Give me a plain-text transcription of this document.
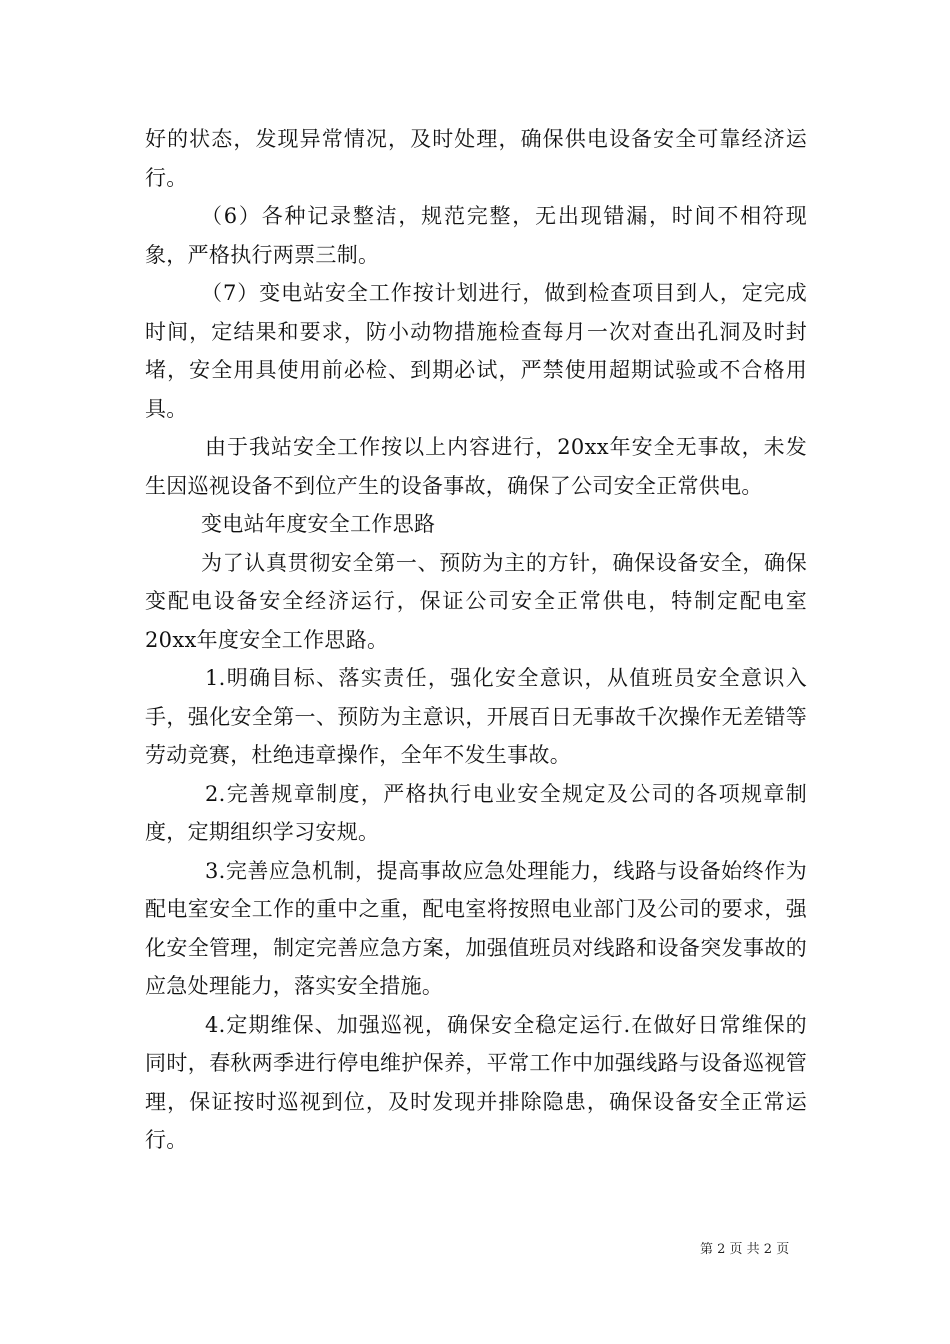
好的状态，发现异常情况，及时处理，确保供电设备安全可靠经济运行。

（6）各种记录整洁，规范完整，无出现错漏，时间不相符现象，严格执行两票三制。

（7）变电站安全工作按计划进行，做到检查项目到人，定完成时间，定结果和要求，防小动物措施检查每月一次对查出孔洞及时封堵，安全用具使用前必检、到期必试，严禁使用超期试验或不合格用具。

由于我站安全工作按以上内容进行，20xx年安全无事故，未发生因巡视设备不到位产生的设备事故，确保了公司安全正常供电。

变电站年度安全工作思路

为了认真贯彻安全第一、预防为主的方针，确保设备安全，确保变配电设备安全经济运行，保证公司安全正常供电，特制定配电室20xx年度安全工作思路。

1.明确目标、落实责任，强化安全意识，从值班员安全意识入手，强化安全第一、预防为主意识，开展百日无事故千次操作无差错等劳动竞赛，杜绝违章操作，全年不发生事故。

2.完善规章制度，严格执行电业安全规定及公司的各项规章制度，定期组织学习安规。

3.完善应急机制，提高事故应急处理能力，线路与设备始终作为配电室安全工作的重中之重，配电室将按照电业部门及公司的要求，强化安全管理，制定完善应急方案，加强值班员对线路和设备突发事故的应急处理能力，落实安全措施。

4.定期维保、加强巡视，确保安全稳定运行.在做好日常维保的同时，春秋两季进行停电维护保养，平常工作中加强线路与设备巡视管理，保证按时巡视到位，及时发现并排除隐患，确保设备安全正常运行。

第 2 页 共 2 页
